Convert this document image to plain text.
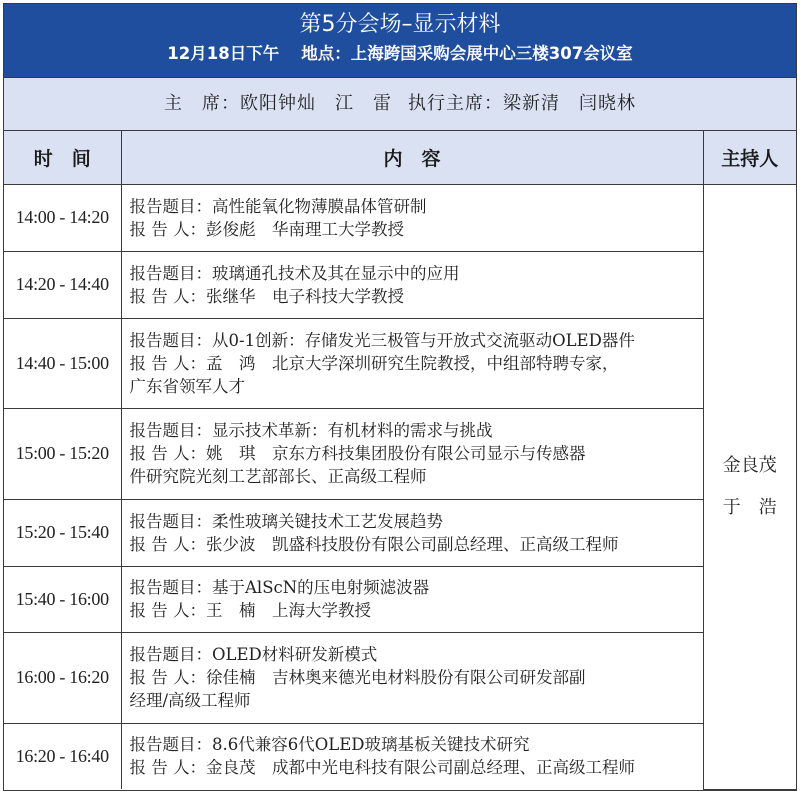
第5分会场–显示材料
12月18日下午 地点：上海跨国采购会展中心三楼307会议室
主　席：欧阳钟灿　江　雷 执行主席：梁新清　闫晓林
时　间	内　容	主持人
14:00 - 14:20	报告题目：高性能氧化物薄膜晶体管研制
报 告 人：彭俊彪　华南理工大学教授	金良茂
于　浩

14:20 - 14:40	报告题目：玻璃通孔技术及其在显示中的应用
报 告 人：张继华　电子科技大学教授	

14:40 - 15:00	报告题目：从0-1创新：存储发光三极管与开放式交流驱动OLED器件
报 告 人：孟　鸿　北京大学深圳研究生院教授，中组部特聘专家，
广东省领军人才	

15:00 - 15:20	报告题目：显示技术革新：有机材料的需求与挑战
报 告 人：姚　琪　京东方科技集团股份有限公司显示与传感器
件研究院光刻工艺部部长、正高级工程师	

15:20 - 15:40	报告题目：柔性玻璃关键技术工艺发展趋势
报 告 人：张少波　凯盛科技股份有限公司副总经理、正高级工程师	

15:40 - 16:00	报告题目：基于AlScN的压电射频滤波器
报 告 人：王　楠　上海大学教授	

16:00 - 16:20	报告题目：OLED材料研发新模式
报 告 人：徐佳楠　吉林奥来德光电材料股份有限公司研发部副
经理/高级工程师	

16:20 - 16:40	报告题目：8.6代兼容6代OLED玻璃基板关键技术研究
报 告 人：金良茂　成都中光电科技有限公司副总经理、正高级工程师	
